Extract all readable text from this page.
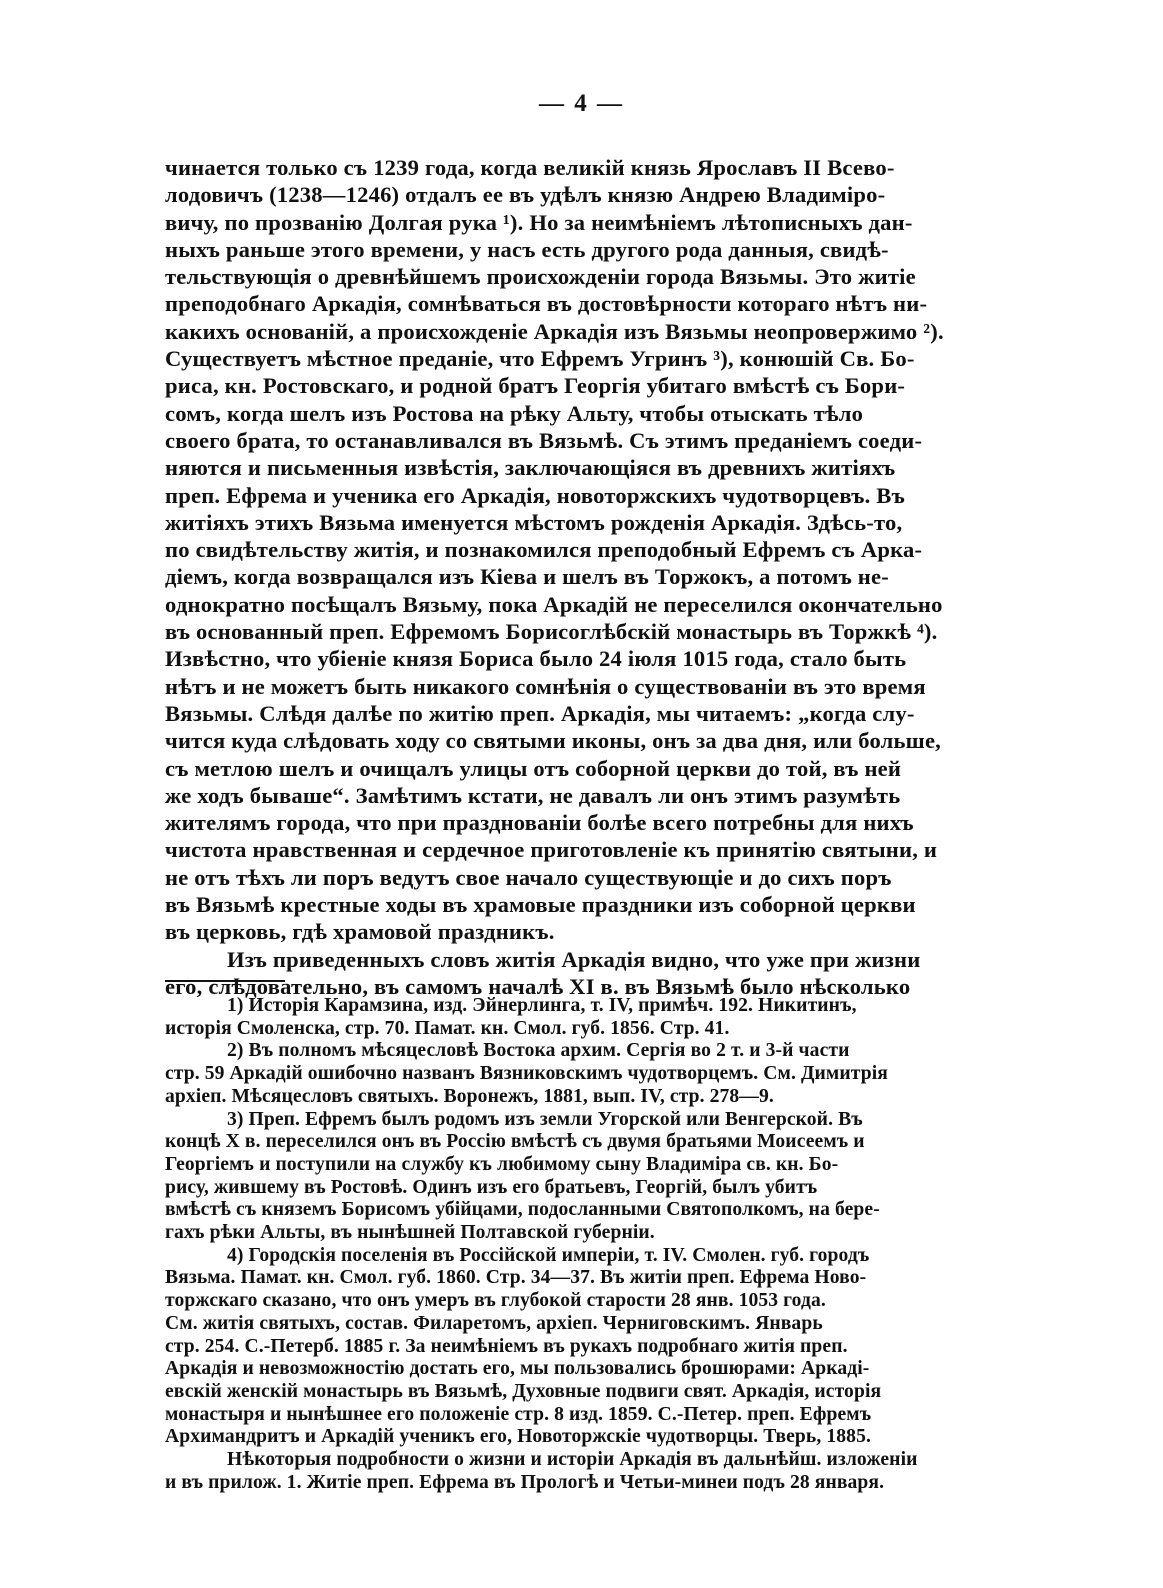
— 4 —
чинается только съ 1239 года, когда великій князь Ярославъ II Всево-
лодовичъ (1238—1246) отдалъ ее въ удѣлъ князю Андрею Владиміро-
вичу, по прозванію Долгая рука ¹). Но за неимѣніемъ лѣтописныхъ дан-
ныхъ раньше этого времени, у насъ есть другого рода данныя, свидѣ-
тельствующія о древнѣйшемъ происхожденіи города Вязьмы. Это житіе
преподобнаго Аркадія, сомнѣваться въ достовѣрности котораго нѣтъ ни-
какихъ основаній, а происхожденіе Аркадія изъ Вязьмы неопровержимо ²).
Существуетъ мѣстное преданіе, что Ефремъ Угринъ ³), конюшій Св. Бо-
риса, кн. Ростовскаго, и родной братъ Георгія убитаго вмѣстѣ съ Бори-
сомъ, когда шелъ изъ Ростова на рѣку Альту, чтобы отыскать тѣло
своего брата, то останавливался въ Вязьмѣ. Съ этимъ преданіемъ соеди-
няются и письменныя извѣстія, заключающіяся въ древнихъ житіяхъ
преп. Ефрема и ученика его Аркадія, новоторжскихъ чудотворцевъ. Въ
житіяхъ этихъ Вязьма именуется мѣстомъ рожденія Аркадія. Здѣсь-то,
по свидѣтельству житія, и познакомился преподобный Ефремъ съ Арка-
діемъ, когда возвращался изъ Кіева и шелъ въ Торжокъ, а потомъ не-
однократно посѣщалъ Вязьму, пока Аркадій не переселился окончательно
въ основанный преп. Ефремомъ Борисоглѣбскій монастырь въ Торжкѣ ⁴).
Извѣстно, что убіеніе князя Бориса было 24 іюля 1015 года, стало быть
нѣтъ и не можетъ быть никакого сомнѣнія о существованіи въ это время
Вязьмы. Слѣдя далѣе по житію преп. Аркадія, мы читаемъ: „когда слу-
чится куда слѣдовать ходу со святыми иконы, онъ за два дня, или больше,
съ метлою шелъ и очищалъ улицы отъ соборной церкви до той, въ ней
же ходъ бываше“. Замѣтимъ кстати, не давалъ ли онъ этимъ разумѣть
жителямъ города, что при празднованіи болѣе всего потребны для нихъ
чистота нравственная и сердечное приготовленіе къ принятію святыни, и
не отъ тѣхъ ли поръ ведутъ свое начало существующіе и до сихъ поръ
въ Вязьмѣ крестные ходы въ храмовые праздники изъ соборной церкви
въ церковь, гдѣ храмовой праздникъ.
Изъ приведенныхъ словъ житія Аркадія видно, что уже при жизни
его, слѣдовательно, въ самомъ началѣ XI в. въ Вязьмѣ было нѣсколько
1) Исторія Карамзина, изд. Эйнерлинга, т. IV, примѣч. 192. Никитинъ,
исторія Смоленска, стр. 70. Памат. кн. Смол. губ. 1856. Стр. 41.
2) Въ полномъ мѣсяцесловѣ Востока архим. Сергія во 2 т. и 3-й части
стр. 59 Аркадій ошибочно названъ Вязниковскимъ чудотворцемъ. См. Димитрія
архіеп. Мѣсяцесловъ святыхъ. Воронежъ, 1881, вып. IV, стр. 278—9.
3) Преп. Ефремъ былъ родомъ изъ земли Угорской или Венгерской. Въ
концѣ X в. переселился онъ въ Россію вмѣстѣ съ двумя братьями Моисеемъ и
Георгіемъ и поступили на службу къ любимому сыну Владиміра св. кн. Бо-
рису, жившему въ Ростовѣ. Одинъ изъ его братьевъ, Георгій, былъ убитъ
вмѣстѣ съ княземъ Борисомъ убійцами, подосланными Святополкомъ, на бере-
гахъ рѣки Альты, въ нынѣшней Полтавской губерніи.
4) Городскія поселенія въ Россійской имперіи, т. IV. Смолен. губ. городъ
Вязьма. Памат. кн. Смол. губ. 1860. Стр. 34—37. Въ житіи преп. Ефрема Ново-
торжскаго сказано, что онъ умеръ въ глубокой старости 28 янв. 1053 года.
См. житія святыхъ, состав. Филаретомъ, архіеп. Черниговскимъ. Январь
стр. 254. С.-Петерб. 1885 г. За неимѣніемъ въ рукахъ подробнаго житія преп.
Аркадія и невозможностію достать его, мы пользовались брошюрами: Аркаді-
евскій женскій монастырь въ Вязьмѣ, Духовные подвиги свят. Аркадія, исторія
монастыря и нынѣшнее его положеніе стр. 8 изд. 1859. С.-Петер. преп. Ефремъ
Архимандритъ и Аркадій ученикъ его, Новоторжскіе чудотворцы. Тверь, 1885.
Нѣкоторыя подробности о жизни и исторіи Аркадія въ дальнѣйш. изложеніи
и въ прилож. 1. Житіе преп. Ефрема въ Прологѣ и Четьи-минеи подъ 28 января.
